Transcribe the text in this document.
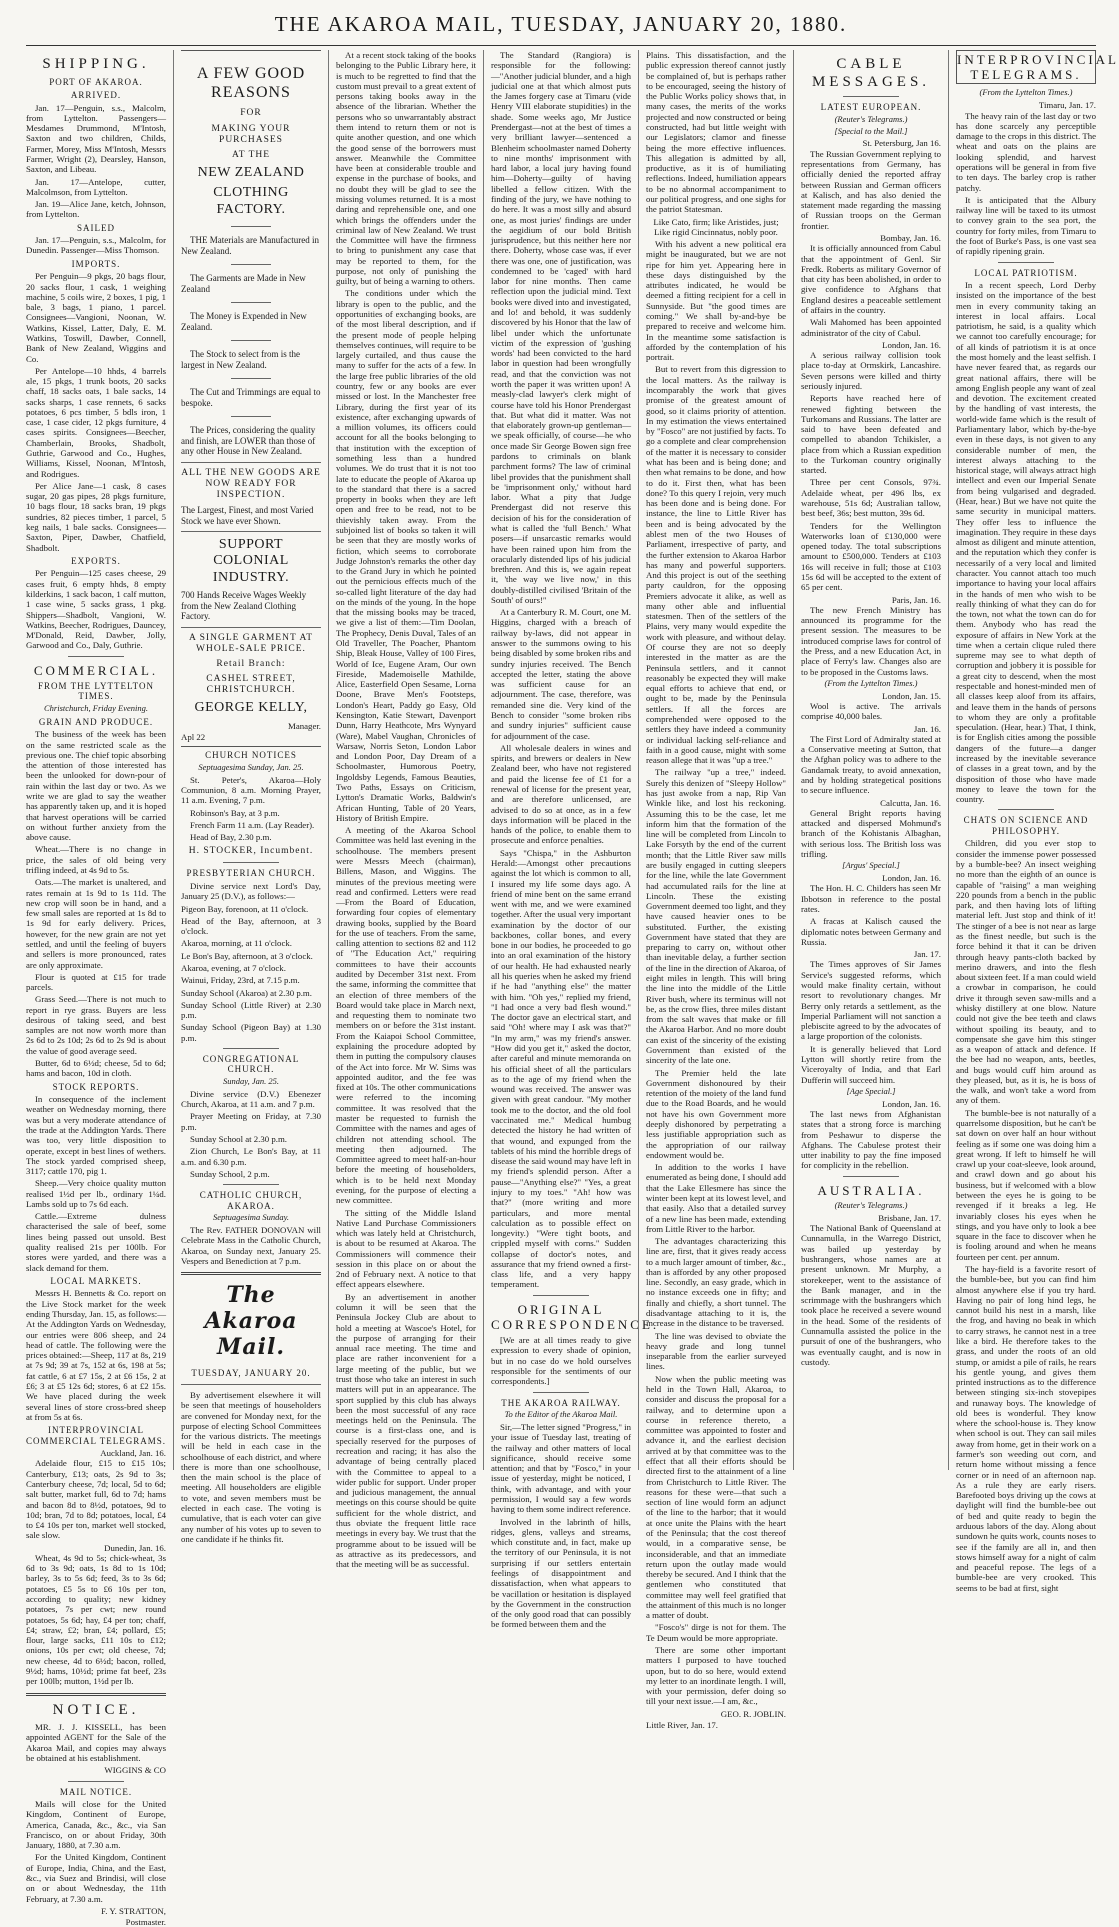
THE AKAROA MAIL, TUESDAY, JANUARY 20, 1880.
SHIPPING.
PORT OF AKAROA.
ARRIVED.

Jan. 17—Penguin, s.s., Malcolm, from Lyttelton. Passengers—Mesdames Drummond, M'Intosh, Saxton and two children, Childs, Farmer, Morey, Miss M'Intosh, Messrs Farmer, Wright (2), Dearsley, Hanson, Saxton, and Libeau.

Jan. 17—Antelope, cutter, Malcolmson, from Lyttelton.

Jan. 19—Alice Jane, ketch, Johnson, from Lyttelton.

SAILED

Jan. 17—Penguin, s.s., Malcolm, for Dunedin. Passenger—Miss Thomson.

IMPORTS.

Per Penguin—9 pkgs, 20 bags flour, 20 sacks flour, 1 cask, 1 weighing machine, 5 coils wire, 2 boxes, 1 pig, 1 bale, 3 bags, 1 piano, 1 parcel. Consignees—Vangioni, Noonan, W. Watkins, Kissel, Latter, Daly, E. M. Watkins, Toswill, Dawber, Connell, Bank of New Zealand, Wiggins and Co.

Per Antelope—10 hhds, 4 barrels ale, 15 pkgs, 1 trunk boots, 20 sacks chaff, 18 sacks oats, 1 bale sacks, 14 sacks sharps, 1 case rennets, 6 sacks potatoes, 6 pcs timber, 5 bdls iron, 1 case, 1 case cider, 12 pkgs furniture, 4 cases spirits. Consignees—Beecher, Chamberlain, Brooks, Shadbolt, Guthrie, Garwood and Co., Hughes, Williams, Kissel, Noonan, M'Intosh, and Rodrigues.

Per Alice Jane—1 cask, 8 cases sugar, 20 gas pipes, 28 pkgs furniture, 10 bags flour, 18 sacks bran, 19 pkgs sundries, 82 pieces timber, 1 parcel, 5 keg nails, 1 bale sacks. Consignees—Saxton, Piper, Dawber, Chatfield, Shadbolt.

EXPORTS.

Per Penguin—125 cases cheese, 29 cases fruit, 6 empty hhds, 8 empty kilderkins, 1 sack bacon, 1 calf mutton, 1 case wine, 5 sacks grass, 1 pkg. Shippers—Shadbolt, Vangioni, W. Watkins, Beecher, Rodrigues, Dauncey, M'Donald, Reid, Dawber, Jolly, Garwood and Co., Daly, Guthrie.

COMMERCIAL.
FROM THE LYTTELTON TIMES.
Christchurch, Friday Evening.
GRAIN AND PRODUCE.

The business of the week has been on the same restricted scale as the previous one. The chief topic absorbing the attention of those interested has been the unlooked for down-pour of rain within the last day or two. As we write we are glad to say the weather has apparently taken up, and it is hoped that harvest operations will be carried on without further anxiety from the above cause.

Wheat.—There is no change in price, the sales of old being very trifling indeed, at 4s 9d to 5s.

Oats.—The market is unaltered, and rates remain at 1s 9d to 1s 11d. The new crop will soon be in hand, and a few small sales are reported at 1s 8d to 1s 9d for early delivery. Prices, however, for the new grain are not yet settled, and until the feeling of buyers and sellers is more pronounced, rates are only approximate.

Flour is quoted at £15 for trade parcels.

Grass Seed.—There is not much to report in rye grass. Buyers are less desirous of taking seed, and best samples are not now worth more than 2s 6d to 2s 10d; 2s 6d to 2s 9d is about the value of good average seed.

Butter, 6d to 6½d; cheese, 5d to 6d; hams and bacon, 10d in cloth.

STOCK REPORTS.

In consequence of the inclement weather on Wednesday morning, there was but a very moderate attendance of the trade at the Addington Yards. There was too, very little disposition to operate, except in best lines of wethers. The stock yarded comprised sheep, 3117; cattle 170, pig 1.

Sheep.—Very choice quality mutton realised 1½d per lb., ordinary 1¼d. Lambs sold up to 7s 6d each.

Cattle.—Extreme dulness characterised the sale of beef, some lines being passed out unsold. Best quality realised 21s per 100lb. For stores were yarded, and there was a slack demand for them.

LOCAL MARKETS.

Messrs H. Bennetts & Co. report on the Live Stock market for the week ending Thursday, Jan. 15, as follows:—At the Addington Yards on Wednesday, our entries were 806 sheep, and 24 head of cattle. The following were the prices obtained:—Sheep, 117 at 8s, 219 at 7s 9d; 39 at 7s, 152 at 6s, 198 at 5s; fat cattle, 6 at £7 15s, 2 at £6 15s, 2 at £6; 3 at £5 12s 6d; stores, 6 at £2 15s. We have placed during the week several lines of store cross-bred sheep at from 5s at 6s.

INTERPROVINCIAL COMMERCIAL TELEGRAMS.
Auckland, Jan. 16.

Adelaide flour, £15 to £15 10s; Canterbury, £13; oats, 2s 9d to 3s; Canterbury cheese, 7d; local, 5d to 6d; salt butter, market full, 6d to 7d; hams and bacon 8d to 8½d, potatoes, 9d to 10d; bran, 7d to 8d; potatoes, local, £4 to £4 10s per ton, market well stocked, sale slow.

Dunedin, Jan. 16.

Wheat, 4s 9d to 5s; chick-wheat, 3s 6d to 3s 9d; oats, 1s 8d to 1s 10d; barley, 3s to 5s 6d; feed, 3s to 3s 6d; potatoes, £5 5s to £6 10s per ton, according to quality; new kidney potatoes, 7s per cwt; new round potatoes, 5s 6d; hay, £4 per ton; chaff, £4; straw, £2; bran, £4; pollard, £5; flour, large sacks, £11 10s to £12; onions, 10s per cwt; old cheese, 7d; new cheese, 4d to 6½d; bacon, rolled, 9½d; hams, 10½d; prime fat beef, 23s per 100lb; mutton, 1½d per lb.

NOTICE.

MR. J. J. KISSELL, has been appointed AGENT for the Sale of the Akaroa Mail, and copies may always be obtained at his establishment.

WIGGINS & CO
MAIL NOTICE.

Mails will close for the United Kingdom, Continent of Europe, America, Canada, &c., &c., via San Francisco, on or about Friday, 30th January, 1880, at 7.30 a.m.

For the United Kingdom, Continent of Europe, India, China, and the East, &c., via Suez and Brindisi, will close on or about Wednesday, the 11th February, at 7.30 a.m.

F. Y. STRATTON,
Postmaster.
A FEW GOOD REASONS
FOR
MAKING YOUR PURCHASES
AT THE
NEW ZEALAND
CLOTHING FACTORY.

THE Materials are Manufactured in New Zealand.

The Garments are Made in New Zealand

The Money is Expended in New Zealand.

The Stock to select from is the largest in New Zealand.

The Cut and Trimmings are equal to bespoke.

The Prices, considering the quality and finish, are LOWER than those of any other House in New Zealand.

ALL THE NEW GOODS ARE NOW READY FOR INSPECTION.

The Largest, Finest, and most Varied Stock we have ever Shown.

SUPPORT COLONIAL INDUSTRY.

700 Hands Receive Wages Weekly from the New Zealand Clothing Factory.

A SINGLE GARMENT AT WHOLE-SALE PRICE.
Retail Branch:
CASHEL STREET, CHRISTCHURCH.
GEORGE KELLY,
Manager.
Apl 22
CHURCH NOTICES
Septuagesima Sunday, Jan. 25.

St. Peter's, Akaroa—Holy Communion, 8 a.m. Morning Prayer, 11 a.m. Evening, 7 p.m.

Robinson's Bay, at 3 p.m.

French Farm 11 a.m. (Lay Reader).

Head of Bay, 2.30 p.m.

H. STOCKER, Incumbent.
PRESBYTERIAN CHURCH.

Divine service next Lord's Day, January 25 (D.V.), as follows:—

Pigeon Bay, forenoon, at 11 o'clock.

Head of the Bay, afternoon, at 3 o'clock.

Akaroa, morning, at 11 o'clock.

Le Bon's Bay, afternoon, at 3 o'clock.

Akaroa, evening, at 7 o'clock.

Wainui, Friday, 23rd, at 7.15 p.m.

Sunday School (Akaroa) at 2.30 p.m.

Sunday School (Little River) at 2.30 p.m.

Sunday School (Pigeon Bay) at 1.30 p.m.

CONGREGATIONAL CHURCH.
Sunday, Jan. 25.

Divine service (D.V.) Ebenezer Church, Akaroa, at 11 a.m. and 7 p.m.

Prayer Meeting on Friday, at 7.30 p.m.

Sunday School at 2.30 p.m.

Zion Church, Le Bon's Bay, at 11 a.m. and 6.30 p.m.

Sunday School, 2 p.m.

CATHOLIC CHURCH, AKAROA.
Septuagesima Sunday.

The Rev. FATHER DONOVAN will Celebrate Mass in the Catholic Church, Akaroa, on Sunday next, January 25. Vespers and Benediction at 7 p.m.

The Akaroa Mail.
TUESDAY, JANUARY 20.

By advertisement elsewhere it will be seen that meetings of householders are convened for Monday next, for the purpose of electing School Committees for the various districts. The meetings will be held in each case in the schoolhouse of each district, and where there is more than one schoolhouse, then the main school is the place of meeting. All householders are eligible to vote, and seven members must be elected in each case. The voting is cumulative, that is each voter can give any number of his votes up to seven to one candidate if he thinks fit.

At a recent stock taking of the books belonging to the Public Library here, it is much to be regretted to find that the custom must prevail to a great extent of persons taking books away in the absence of the librarian. Whether the persons who so unwarrantably abstract them intend to return them or not is quite another question, and one which the good sense of the borrowers must answer. Meanwhile the Committee have been at considerable trouble and expense in the purchase of books, and no doubt they will be glad to see the missing volumes returned. It is a most daring and reprehensible one, and one which brings the offenders under the criminal law of New Zealand. We trust the Committee will have the firmness to bring to punishment any case that may be reported to them, for the purpose, not only of punishing the guilty, but of being a warning to others.

The conditions under which the library is open to the public, and the opportunities of exchanging books, are of the most liberal description, and if the present mode of people helping themselves continues, will require to be largely curtailed, and thus cause the many to suffer for the acts of a few. In the large free public libraries of the old country, few or any books are ever missed or lost. In the Manchester free Library, during the first year of its existence, after exchanging upwards of a million volumes, its officers could account for all the books belonging to that institution with the exception of something less than a hundred volumes. We do trust that it is not too late to educate the people of Akaroa up to the standard that there is a sacred property in books when they are left open and free to be read, not to be thievishly taken away. From the subjoined list of books so taken it will be seen that they are mostly works of fiction, which seems to corroborate Judge Johnston's remarks the other day to the Grand Jury in which he pointed out the pernicious effects much of the so-called light literature of the day had on the minds of the young. In the hope that the missing books may be traced, we give a list of them:—Tim Doolan, The Prophecy, Denis Duval, Tales of an Old Traveller, The Poacher, Phantom Ship, Bleak House, Valley of 100 Fires, World of Ice, Eugene Aram, Our own Fireside, Mademoiselle Mathilde, Alice, Easterfield Open Sesame, Lorna Doone, Brave Men's Footsteps, London's Heart, Paddy go Easy, Old Kensington, Katie Stewart, Davenport Dunn, Harry Heathcote, Mrs Wynyard (Ware), Mabel Vaughan, Chronicles of Warsaw, Norris Seton, London Labor and London Poor, Day Dream of a Schoolmaster, Humorous Poetry, Ingoldsby Legends, Famous Beauties, Two Paths, Essays on Criticism, Lytton's Dramatic Works, Baldwin's African Hunting, Table of 20 Years, History of British Empire.

A meeting of the Akaroa School Committee was held last evening in the schoolhouse. The members present were Messrs Meech (chairman), Billens, Mason, and Wiggins. The minutes of the previous meeting were read and confirmed. Letters were read—From the Board of Education, forwarding four copies of elementary drawing books, supplied by the Board for the use of teachers. From the same, calling attention to sections 82 and 112 of "The Education Act," requiring committees to have their accounts audited by December 31st next. From the same, informing the committee that an election of three members of the Board would take place in March next, and requesting them to nominate two members on or before the 31st instant. From the Kaiapoi School Committee, explaining the procedure adopted by them in putting the compulsory clauses of the Act into force. Mr W. Sims was appointed auditor, and the fee was fixed at 10s. The other communications were referred to the incoming committee. It was resolved that the master be requested to furnish the Committee with the names and ages of children not attending school. The meeting then adjourned. The Committee agreed to meet half-an-hour before the meeting of householders, which is to be held next Monday evening, for the purpose of electing a new committee.

The sitting of the Middle Island Native Land Purchase Commissioners which was lately held at Christchurch, is about to be resumed at Akaroa. The Commissioners will commence their session in this place on or about the 2nd of February next. A notice to that effect appears elsewhere.

By an advertisement in another column it will be seen that the Peninsula Jockey Club are about to hold a meeting at Wascoe's Hotel, for the purpose of arranging for their annual race meeting. The time and place are rather inconvenient for a large meeting of the public, but we trust those who take an interest in such matters will put in an appearance. The sport supplied by this club has always been the most successful of any race meetings held on the Peninsula. The course is a first-class one, and is specially reserved for the purposes of recreation and racing; it has also the advantage of being centrally placed with the Committee to appeal to a wider public for support. Under proper and judicious management, the annual meetings on this course should be quite sufficient for the whole district, and thus obviate the frequent little race meetings in every bay. We trust that the programme about to be issued will be as attractive as its predecessors, and that the meeting will be as successful.

The Standard (Rangiora) is responsible for the following:—"Another judicial blunder, and a high judicial one at that which almost puts the James forgery case at Timaru (vide Henry VIII elaborate stupidities) in the shade. Some weeks ago, Mr Justice Prendergast—not at the best of times a very brilliant lawyer—sentenced a Blenheim schoolmaster named Doherty to nine months' imprisonment with hard labor, a local jury having found him—Doherty—guilty of having libelled a fellow citizen. With the finding of the jury, we have nothing to do here. It was a most silly and absurd one, as most juries' findings are under the aegidium of our bold British jurisprudence, but this neither here nor there. Doherty, whose case was, if ever there was one, one of justification, was condemned to be 'caged' with hard labor for nine months. Then came reflection upon the judicial mind. Text books were dived into and investigated, and lo! and behold, it was suddenly discovered by his Honor that the law of libel under which the unfortunate victim of the expression of 'gushing words' had been convicted to the hard labor in question had been wrongfully read, and that the conviction was not worth the paper it was written upon! A measly-clad lawyer's clerk might of course have told his Honor Prendergast that. But what did it matter. Was not that elaborately grown-up gentleman—we speak officially, of course—he who once made Sir George Bowen sign free pardons to criminals on blank parchment forms? The law of criminal libel provides that the punishment shall be 'imprisonment only,' without hard labor. What a pity that Judge Prendergast did not reserve this decision of his for the consideration of what is called the 'full Bench.' What posers—if unsarcastic remarks would have been rained upon him from the oracularly distended lips of his judicial brethren. And this is, we again repeat it, 'the way we live now,' in this doubly-distilled civilised 'Britain of the South' of ours!"

At a Canterbury R. M. Court, one M. Higgins, charged with a breach of railway by-laws, did not appear in answer to the summons owing to his being disabled by some broken ribs and sundry injuries received. The Bench accepted the letter, stating the above was sufficient cause for an adjournment. The case, therefore, was remanded sine die. Very kind of the Bench to consider "some broken ribs and sundry injuries" sufficient cause for adjournment of the case.

All wholesale dealers in wines and spirits, and brewers or dealers in New Zealand beer, who have not registered and paid the license fee of £1 for a renewal of license for the present year, and are therefore unlicensed, are advised to do so at once, as in a few days information will be placed in the hands of the police, to enable them to prosecute and enforce penalties.

Says "Chispa," in the Ashburton Herald:—Amongst other precautions against the lot which is common to all, I insured my life some days ago. A friend of mine bent on the same errand went with me, and we were examined together. After the usual very important examination by the doctor of our backbones, collar bones, and every bone in our bodies, he proceeded to go into an oral examination of the history of our health. He had exhausted nearly all his queries when he asked my friend if he had "anything else" the matter with him. "Oh yes," replied my friend, "I had once a very bad flesh wound." The doctor gave an electrical start, and said "Oh! where may I ask was that?" "In my arm," was my friend's answer. "How did you get it," asked the doctor, after careful and minute memoranda on his official sheet of all the particulars as to the age of my friend when the wound was received. The answer was given with great candour. "My mother took me to the doctor, and the old fool vaccinated me." Medical humbug detected the history he had written of that wound, and expunged from the tablets of his mind the horrible dregs of disease the said wound may have left in my friend's splendid person. After a pause—"Anything else?" "Yes, a great injury to my toes." "Ah! how was that?" (more writing and more particulars, and more mental calculation as to possible effect on longevity.) "Were tight boots, and crippled myself with corns." Sudden collapse of doctor's notes, and assurance that my friend owned a first-class life, and a very happy temperament.

ORIGINAL CORRESPONDENCE.

[We are at all times ready to give expression to every shade of opinion, but in no case do we hold ourselves responsible for the sentiments of our correspondents.]

THE AKAROA RAILWAY.
To the Editor of the Akaroa Mail.

Sir,—The letter signed "Progress," in your issue of Tuesday last, treating of the railway and other matters of local significance, should receive some attention; and that by "Fosco," in your issue of yesterday, might be noticed, I think, with advantage, and with your permission, I would say a few words having to them some indirect reference.

Involved in the labrinth of hills, ridges, glens, valleys and streams, which constitute and, in fact, make up the territory of our Peninsula, it is not surprising if our settlers entertain feelings of disappointment and dissatisfaction, when what appears to be vacillation or hesitation is displayed by the Government in the construction of the only good road that can possibly be formed between them and the

Plains. This dissatisfaction, and the public expression thereof cannot justly be complained of, but is perhaps rather to be encouraged, seeing the history of the Public Works policy shows that, in many cases, the merits of the works projected and now constructed or being constructed, had but little weight with our Legislators; clamor and finesse being the more effective influences. This allegation is admitted by all, productive, as it is of humiliating reflections. Indeed, humiliation appears to be no abnormal accompaniment to our political progress, and one sighs for the patriot Statesman.

Like Cato, firm; like Aristides, just; Like rigid Cincinnatus, nobly poor.

With his advent a new political era might be inaugurated, but we are not ripe for him yet. Appearing here in these days distinguished by the attributes indicated, he would be deemed a fitting recipient for a cell in Sunnyside. But "the good times are coming." We shall by-and-bye be prepared to receive and welcome him. In the meantime some satisfaction is afforded by the contemplation of his portrait.

But to revert from this digression to the local matters. As the railway is incomparably the work that gives promise of the greatest amount of good, so it claims priority of attention. In my estimation the views entertained by "Fosco" are not justified by facts. To go a complete and clear comprehension of the matter it is necessary to consider what has been and is being done; and then what remains to be done, and how to do it. First then, what has been done? To this query I rejoin, very much has been done and is being done. For instance, the line to Little River has been and is being advocated by the ablest men of the two Houses of Parliament, irrespective of party, and the further extension to Akaroa Harbor has many and powerful supporters. And this project is out of the seething party cauldron, for the opposing Premiers advocate it alike, as well as many other able and influential statesmen. Then of the settlers of the Plains, very many would expedite the work with pleasure, and without delay. Of course they are not so deeply interested in the matter as are the Peninsula settlers, and it cannot reasonably be expected they will make equal efforts to achieve that end, or ought to be, made by the Peninsula settlers. If all the forces are comprehended were opposed to the settlers they have indeed a community or individual lacking self-reliance and faith in a good cause, might with some reason allege that it was "up a tree."

The railway "up a tree," indeed. Surely this denizen of "Sleepy Hollow" has just awoke from a nap, Rip Van Winkle like, and lost his reckoning. Assuming this to be the case, let me inform him that the formation of the line will be completed from Lincoln to Lake Forsyth by the end of the current month; that the Little River saw mills are busily engaged in cutting sleepers for the line, while the late Government had accumulated rails for the line at Lincoln. These the existing Government deemed too light, and they have caused heavier ones to be substituted. Further, the existing Government have stated that they are preparing to carry on, without other than inevitable delay, a further section of the line in the direction of Akaroa, of eight miles in length. This will bring the line into the middle of the Little River bush, where its terminus will not be, as the crow flies, three miles distant from the salt waves that make or fill the Akaroa Harbor. And no more doubt can exist of the sincerity of the existing Government than existed of the sincerity of the late one.

The Premier held the late Government dishonoured by their retention of the moiety of the land fund due to the Road Boards, and he would not have his own Government more deeply dishonored by perpetrating a less justifiable appropriation such as the appropriation of our railway endowment would be.

In addition to the works I have enumerated as being done, I should add that the Lake Ellesmere has since the winter been kept at its lowest level, and that easily. Also that a detailed survey of a new line has been made, extending from Little River to the harbor.

The advantages characterizing this line are, first, that it gives ready access to a much larger amount of timber, &c., than is afforded by any other proposed line. Secondly, an easy grade, which in no instance exceeds one in fifty; and finally and chiefly, a short tunnel. The disadvantage attaching to it is, the increase in the distance to be traversed.

The line was devised to obviate the heavy grade and long tunnel inseparable from the earlier surveyed lines.

Now when the public meeting was held in the Town Hall, Akaroa, to consider and discuss the proposal for a railway, and to determine upon a course in reference thereto, a committee was appointed to foster and advance it, and the earliest decision arrived at by that committee was to the effect that all their efforts should be directed first to the attainment of a line from Christchurch to Little River. The reasons for these were—that such a section of line would form an adjunct of the line to the harbor; that it would at once unite the Plains with the heart of the Peninsula; that the cost thereof would, in a comparative sense, be inconsiderable, and that an immediate return upon the outlay made would thereby be secured. And I think that the gentlemen who constituted that committee may well feel gratified that the attainment of this much is no longer a matter of doubt.

"Fosco's" dirge is not for them. The Te Deum would be more appropriate.

There are some other important matters I purposed to have touched upon, but to do so here, would extend my letter to an inordinate length. I will, with your permission, defer doing so till your next issue.—I am, &c.,

GEO. R. JOBLIN.
Little River, Jan. 17.
CABLE MESSAGES.
LATEST EUROPEAN.
(Reuter's Telegrams.)
[Special to the Mail.]
St. Petersburg, Jan 16.

The Russian Government replying to representations from Germany, has officially denied the reported affray between Russian and German officers at Kalisch, and has also denied the statement made regarding the massing of Russian troops on the German frontier.

Bombay, Jan. 16.

It is officially announced from Cabul that the appointment of Genl. Sir Fredk. Roberts as military Governor of that city has been abolished, in order to give confidence to Afghans that England desires a peaceable settlement of affairs in the country.

Wali Mahomed has been appointed administrator of the city of Cabul.

London, Jan. 16.

A serious railway collision took place to-day at Ormskirk, Lancashire. Seven persons were killed and thirty seriously injured.

Reports have reached here of renewed fighting between the Turkomans and Russians. The latter are said to have been defeated and compelled to abandon Tchikisler, a place from which a Russian expedition to the Turkoman country originally started.

Three per cent Consols, 97¾. Adelaide wheat, per 496 lbs, ex warehouse, 51s 6d; Australian tallow, best beef, 36s; best mutton, 39s 6d.

Tenders for the Wellington Waterworks loan of £130,000 were opened today. The total subscriptions amount to £500,000. Tenders at £103 16s will receive in full; those at £103 15s 6d will be accepted to the extent of 65 per cent.

Paris, Jan. 16.

The new French Ministry has announced its programme for the present session. The measures to be introduced comprise laws for control of the Press, and a new Education Act, in place of Ferry's law. Changes also are to be proposed in the Customs laws.

(From the Lyttelton Times.)
London, Jan. 15.

Wool is active. The arrivals comprise 40,000 bales.

Jan. 16.

The First Lord of Admiralty stated at a Conservative meeting at Sutton, that the Afghan policy was to adhere to the Gandamak treaty, to avoid annexation, and by holding strategetical positions to secure influence.

Calcutta, Jan. 16.

General Bright reports having attacked and dispersed Mohmund's branch of the Kohistanis Albaghan, with serious loss. The British loss was trifling.

[Argus' Special.]
London, Jan. 16.

The Hon. H. C. Childers has seen Mr Ibbotson in reference to the postal rates.

A fracas at Kalisch caused the diplomatic notes between Germany and Russia.

Jan. 17.

The Times approves of Sir James Service's suggested reforms, which would make finality certain, without resort to revolutionary changes. Mr Berry only retards a settlement, as the Imperial Parliament will not sanction a plebiscite agreed to by the advocates of a large proportion of the colonists.

It is generally believed that Lord Lytton will shortly retire from the Viceroyalty of India, and that Earl Dufferin will succeed him.

[Age Special.]
London, Jan. 16.

The last news from Afghanistan states that a strong force is marching from Peshawur to disperse the Afghans. The Cabulese protest their utter inability to pay the fine imposed for complicity in the rebellion.

AUSTRALIA.
(Reuter's Telegrams.)
Brisbane, Jan. 17.

The National Bank of Queensland at Cunnamulla, in the Warrego District, was bailed up yesterday by bushrangers, whose names are at present unknown. Mr Murphy, a storekeeper, went to the assistance of the Bank manager, and in the scrimmage with the bushrangers which took place he received a severe wound in the head. Some of the residents of Cunnamulla assisted the police in the pursuit of one of the bushrangers, who was eventually caught, and is now in custody.

INTERPROVINCIAL TELEGRAMS.
(From the Lyttelton Times.)
Timaru, Jan. 17.

The heavy rain of the last day or two has done scarcely any perceptible damage to the crops in this district. The wheat and oats on the plains are looking splendid, and harvest operations will be general in from five to ten days. The barley crop is rather patchy.

It is anticipated that the Albury railway line will be taxed to its utmost to convey grain to the sea port, the country for forty miles, from Timaru to the foot of Burke's Pass, is one vast sea of rapidly ripening grain.

LOCAL PATRIOTISM.

In a recent speech, Lord Derby insisted on the importance of the best men in every community taking an interest in local affairs. Local patriotism, he said, is a quality which we cannot too carefully encourage; for of all kinds of patriotism it is at once the most homely and the least selfish. I have never feared that, as regards our great national affairs, there will be among English people any want of zeal and devotion. The excitement created by the handling of vast interests, the world-wide fame which is the result of Parliamentary labor, which by-the-bye even in these days, is not given to any considerable number of men, the interest always attaching to the historical stage, will always attract high intellect and even our Imperial Senate from being vulgarised and degraded. (Hear, hear.) But we have not quite the same security in municipal matters. They offer less to influence the imagination. They require in these days almost as diligent and minute attention, and the reputation which they confer is necessarily of a very local and limited character. You cannot attach too much importance to having your local affairs in the hands of men who wish to be really thinking of what they can do for the town, not what the town can do for them. Anybody who has read the exposure of affairs in New York at the time when a certain clique ruled there supreme may see to what depth of corruption and jobbery it is possible for a great city to descend, when the most respectable and honest-minded men of all classes keep aloof from its affairs, and leave them in the hands of persons to whom they are only a profitable speculation. (Hear, hear.) That, I think, is for English cities among the possible dangers of the future—a danger increased by the inevitable severance of classes in a great town, and by the disposition of those who have made money to leave the town for the country.

CHATS ON SCIENCE AND PHILOSOPHY.

Children, did you ever stop to consider the immense power possessed by a bumble-bee? An insect weighing no more than the eighth of an ounce is capable of "raising" a man weighing 220 pounds from a bench in the public park, and then having lots of lifting material left. Just stop and think of it! The stinger of a bee is not near as large as the finest needle, but such is the force behind it that it can be driven through heavy pants-cloth backed by merino drawers, and into the flesh about sixteen feet. If a man could wield a crowbar in comparison, he could drive it through seven saw-mills and a whisky distillery at one blow. Nature could not give the bee teeth and claws without spoiling its beauty, and to compensate she gave him this stinger as a weapon of attack and defence. If the bee had no weapon, ants, beetles, and bugs would cuff him around as they pleased, but, as it is, he is boss of the walk, and won't take a word from any of them.

The bumble-bee is not naturally of a quarrelsome disposition, but he can't be sat down on over half an hour without feeling as if some one was doing him a great wrong. If left to himself he will crawl up your coat-sleeve, look around, and crawl down and go about his business, but if welcomed with a blow between the eyes he is going to be revenged if it breaks a leg. He invariably closes his eyes when he stings, and you have only to look a bee square in the face to discover when he is fooling around and when he means fourteen per cent. per annum.

The hay-field is a favorite resort of the bumble-bee, but you can find him almost anywhere else if you try hard. Having no pair of long hind legs, he cannot build his nest in a marsh, like the frog, and having no beak in which to carry straws, he cannot nest in a tree like a bird. He therefore takes to the grass, and under the roots of an old stump, or amidst a pile of rails, he rears his gentle young, and gives them printed instructions as to the difference between stinging six-inch stovepipes and runaway boys. The knowledge of old bees is wonderful. They know where the school-house is. They know when school is out. They can sail miles away from home, get in their work on a farmer's son weeding out corn, and return home without missing a fence corner or in need of an afternoon nap. As a rule they are early risers. Barefooted boys driving up the cows at daylight will find the bumble-bee out of bed and quite ready to begin the arduous labors of the day. Along about sundown he quits work, counts noses to see if the family are all in, and then stows himself away for a night of calm and peaceful repose. The legs of a bumble-bee are very crooked. This seems to be bad at first, sight
